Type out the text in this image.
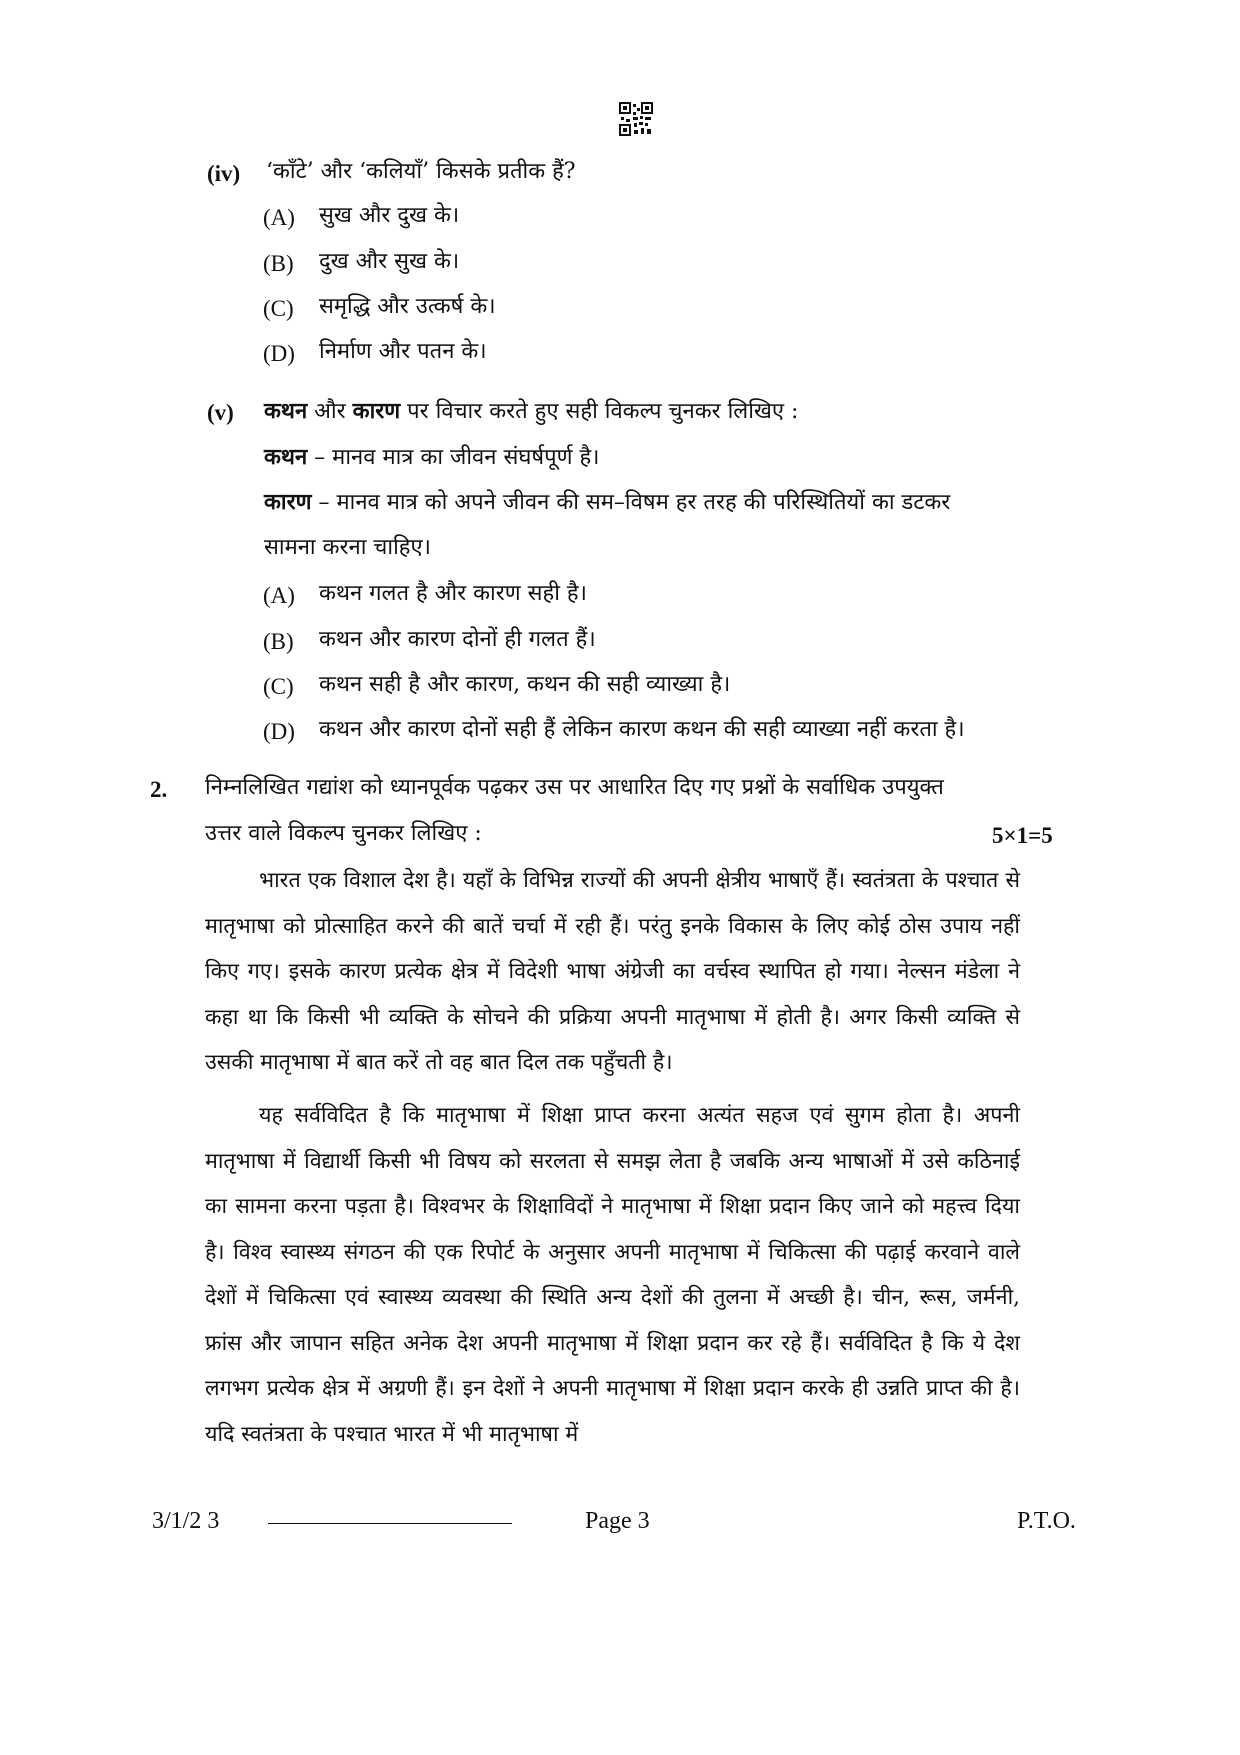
(iv) ‘काँटे’ और ‘कलियाँ’ किसके प्रतीक हैं?
(A) सुख और दुख के।
(B) दुख और सुख के।
(C) समृद्धि और उत्कर्ष के।
(D) निर्माण और पतन के।
(v) कथन और कारण पर विचार करते हुए सही विकल्प चुनकर लिखिए :
कथन – मानव मात्र का जीवन संघर्षपूर्ण है।
कारण – मानव मात्र को अपने जीवन की सम–विषम हर तरह की परिस्थितियों का डटकर
सामना करना चाहिए।
(A) कथन गलत है और कारण सही है।
(B) कथन और कारण दोनों ही गलत हैं।
(C) कथन सही है और कारण, कथन की सही व्याख्या है।
(D) कथन और कारण दोनों सही हैं लेकिन कारण कथन की सही व्याख्या नहीं करता है।
2. निम्नलिखित गद्यांश को ध्यानपूर्वक पढ़कर उस पर आधारित दिए गए प्रश्नों के सर्वाधिक उपयुक्त
उत्तर वाले विकल्प चुनकर लिखिए :	5×1=5
भारत एक विशाल देश है। यहाँ के विभिन्न राज्यों की अपनी क्षेत्रीय भाषाएँ हैं। स्वतंत्रता के पश्चात से मातृभाषा को प्रोत्साहित करने की बातें चर्चा में रही हैं। परंतु इनके विकास के लिए कोई ठोस उपाय नहीं किए गए। इसके कारण प्रत्येक क्षेत्र में विदेशी भाषा अंग्रेजी का वर्चस्व स्थापित हो गया। नेल्सन मंडेला ने कहा था कि किसी भी व्यक्ति के सोचने की प्रक्रिया अपनी मातृभाषा में होती है। अगर किसी व्यक्ति से उसकी मातृभाषा में बात करें तो वह बात दिल तक पहुँचती है।
यह सर्वविदित है कि मातृभाषा में शिक्षा प्राप्त करना अत्यंत सहज एवं सुगम होता है। अपनी मातृभाषा में विद्यार्थी किसी भी विषय को सरलता से समझ लेता है जबकि अन्य भाषाओं में उसे कठिनाई का सामना करना पड़ता है। विश्वभर के शिक्षाविदों ने मातृभाषा में शिक्षा प्रदान किए जाने को महत्त्व दिया है। विश्व स्वास्थ्य संगठन की एक रिपोर्ट के अनुसार अपनी मातृभाषा में चिकित्सा की पढ़ाई करवाने वाले देशों में चिकित्सा एवं स्वास्थ्य व्यवस्था की स्थिति अन्य देशों की तुलना में अच्छी है। चीन, रूस, जर्मनी, फ्रांस और जापान सहित अनेक देश अपनी मातृभाषा में शिक्षा प्रदान कर रहे हैं। सर्वविदित है कि ये देश लगभग प्रत्येक क्षेत्र में अग्रणी हैं। इन देशों ने अपनी मातृभाषा में शिक्षा प्रदान करके ही उन्नति प्राप्त की है। यदि स्वतंत्रता के पश्चात भारत में भी मातृभाषा में
3/1/2 3	Page 3	P.T.O.
